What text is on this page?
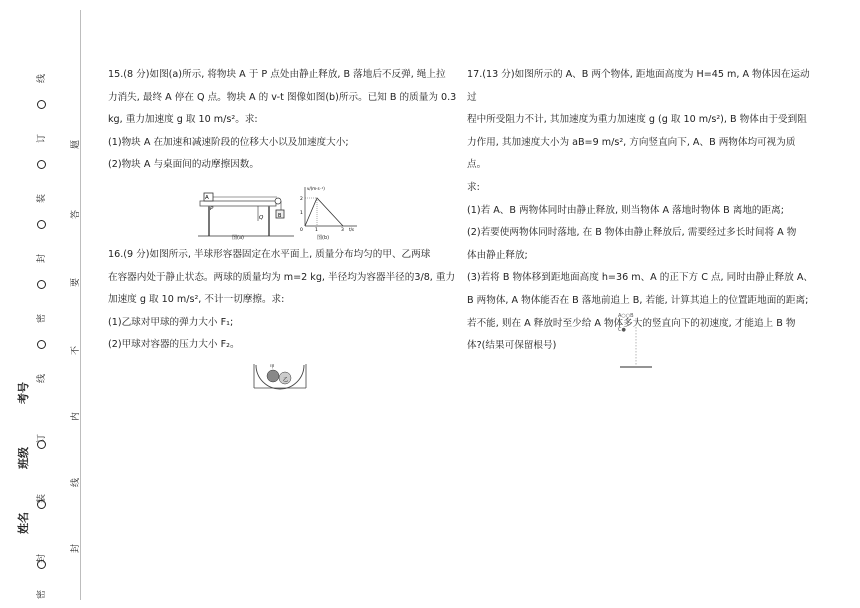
线
订
装
封
密
线
订
装
封
密
题
答
要
不
内
线
封
考号
班级
姓名

15.(8 分)如图(a)所示, 将物块 A 于 P 点处由静止释放, B 落地后不反弹, 绳上拉

力消失, 最终 A 停在 Q 点。物块 A 的 v-t 图像如图(b)所示。已知 B 的质量为 0.3

kg, 重力加速度 g 取 10 m/s²。求:

(1)物块 A 在加速和减速阶段的位移大小以及加速度大小;

(2)物块 A 与桌面间的动摩擦因数。

A
P
Q	B
图(a)
v/(m·s⁻¹)
2
1
0	1	3 t/s
图(b)

16.(9 分)如图所示, 半球形容器固定在水平面上, 质量分布均匀的甲、乙两球

在容器内处于静止状态。两球的质量均为 m=2 kg, 半径均为容器半径的3/8, 重力

加速度 g 取 10 m/s², 不计一切摩擦。求:

(1)乙球对甲球的弹力大小 F₁;

(2)甲球对容器的压力大小 F₂。

甲
乙

17.(13 分)如图所示的 A、B 两个物体, 距地面高度为 H=45 m, A 物体因在运动过

程中所受阻力不计, 其加速度为重力加速度 g (g 取 10 m/s²), B 物体由于受到阻

力作用, 其加速度大小为 aB=9 m/s², 方向竖直向下, A、B 两物体均可视为质点。

求:

(1)若 A、B 两物体同时由静止释放, 则当物体 A 落地时物体 B 离地的距离;

(2)若要使两物体同时落地, 在 B 物体由静止释放后, 需要经过多长时间将 A 物

体由静止释放;

(3)若将 B 物体移到距地面高度 h=36 m、A 的正下方 C 点, 同时由静止释放 A、

B 两物体, A 物体能否在 B 落地前追上 B, 若能, 计算其追上的位置距地面的距离;

若不能, 则在 A 释放时至少给 A 物体多大的竖直向下的初速度, 才能追上 B 物

体?(结果可保留根号)

A○○B
C●
